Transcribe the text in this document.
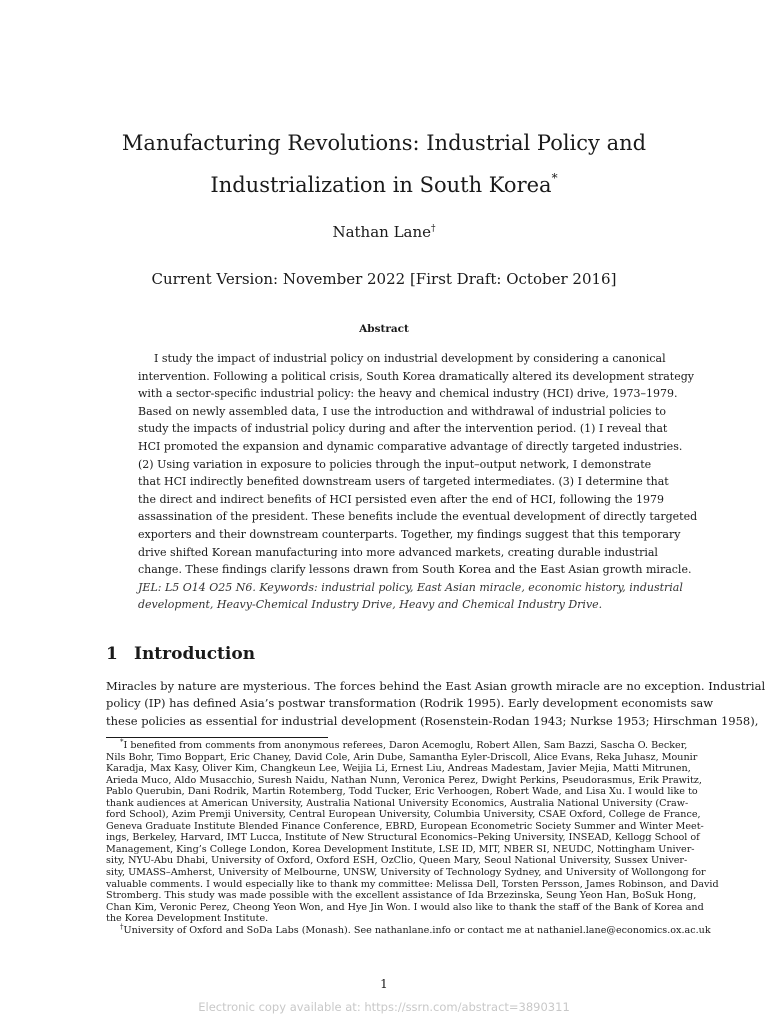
Manufacturing Revolutions: Industrial Policy and
Industrialization in South Korea*
Nathan Lane†
Current Version: November 2022 [First Draft: October 2016]
Abstract
I study the impact of industrial policy on industrial development by considering a canonical
intervention. Following a political crisis, South Korea dramatically altered its development strategy
with a sector-specific industrial policy: the heavy and chemical industry (HCI) drive, 1973–1979.
Based on newly assembled data, I use the introduction and withdrawal of industrial policies to
study the impacts of industrial policy during and after the intervention period. (1) I reveal that
HCI promoted the expansion and dynamic comparative advantage of directly targeted industries.
(2) Using variation in exposure to policies through the input–output network, I demonstrate
that HCI indirectly benefited downstream users of targeted intermediates. (3) I determine that
the direct and indirect benefits of HCI persisted even after the end of HCI, following the 1979
assassination of the president. These benefits include the eventual development of directly targeted
exporters and their downstream counterparts. Together, my findings suggest that this temporary
drive shifted Korean manufacturing into more advanced markets, creating durable industrial
change. These findings clarify lessons drawn from South Korea and the East Asian growth miracle.
JEL: L5 O14 O25 N6. Keywords: industrial policy, East Asian miracle, economic history, industrial
development, Heavy-Chemical Industry Drive, Heavy and Chemical Industry Drive.
1 Introduction
Miracles by nature are mysterious. The forces behind the East Asian growth miracle are no exception. Industrial
policy (IP) has defined Asia’s postwar transformation (Rodrik 1995). Early development economists saw
these policies as essential for industrial development (Rosenstein-Rodan 1943; Nurkse 1953; Hirschman 1958),
*I benefited from comments from anonymous referees, Daron Acemoglu, Robert Allen, Sam Bazzi, Sascha O. Becker,
Nils Bohr, Timo Boppart, Eric Chaney, David Cole, Arin Dube, Samantha Eyler-Driscoll, Alice Evans, Reka Juhasz, Mounir
Karadja, Max Kasy, Oliver Kim, Changkeun Lee, Weijia Li, Ernest Liu, Andreas Madestam, Javier Mejia, Matti Mitrunen,
Arieda Muco, Aldo Musacchio, Suresh Naidu, Nathan Nunn, Veronica Perez, Dwight Perkins, Pseudorasmus, Erik Prawitz,
Pablo Querubin, Dani Rodrik, Martin Rotemberg, Todd Tucker, Eric Verhoogen, Robert Wade, and Lisa Xu. I would like to
thank audiences at American University, Australia National University Economics, Australia National University (Craw-
ford School), Azim Premji University, Central European University, Columbia University, CSAE Oxford, College de France,
Geneva Graduate Institute Blended Finance Conference, EBRD, European Econometric Society Summer and Winter Meet-
ings, Berkeley, Harvard, IMT Lucca, Institute of New Structural Economics–Peking University, INSEAD, Kellogg School of
Management, King’s College London, Korea Development Institute, LSE ID, MIT, NBER SI, NEUDC, Nottingham Univer-
sity, NYU-Abu Dhabi, University of Oxford, Oxford ESH, OzClio, Queen Mary, Seoul National University, Sussex Univer-
sity, UMASS–Amherst, University of Melbourne, UNSW, University of Technology Sydney, and University of Wollongong for
valuable comments. I would especially like to thank my committee: Melissa Dell, Torsten Persson, James Robinson, and David
Stromberg. This study was made possible with the excellent assistance of Ida Brzezinska, Seung Yeon Han, BoSuk Hong,
Chan Kim, Veronic Perez, Cheong Yeon Won, and Hye Jin Won. I would also like to thank the staff of the Bank of Korea and
the Korea Development Institute.
†University of Oxford and SoDa Labs (Monash). See nathanlane.info or contact me at nathaniel.lane@economics.ox.ac.uk
1
Electronic copy available at: https://ssrn.com/abstract=3890311
